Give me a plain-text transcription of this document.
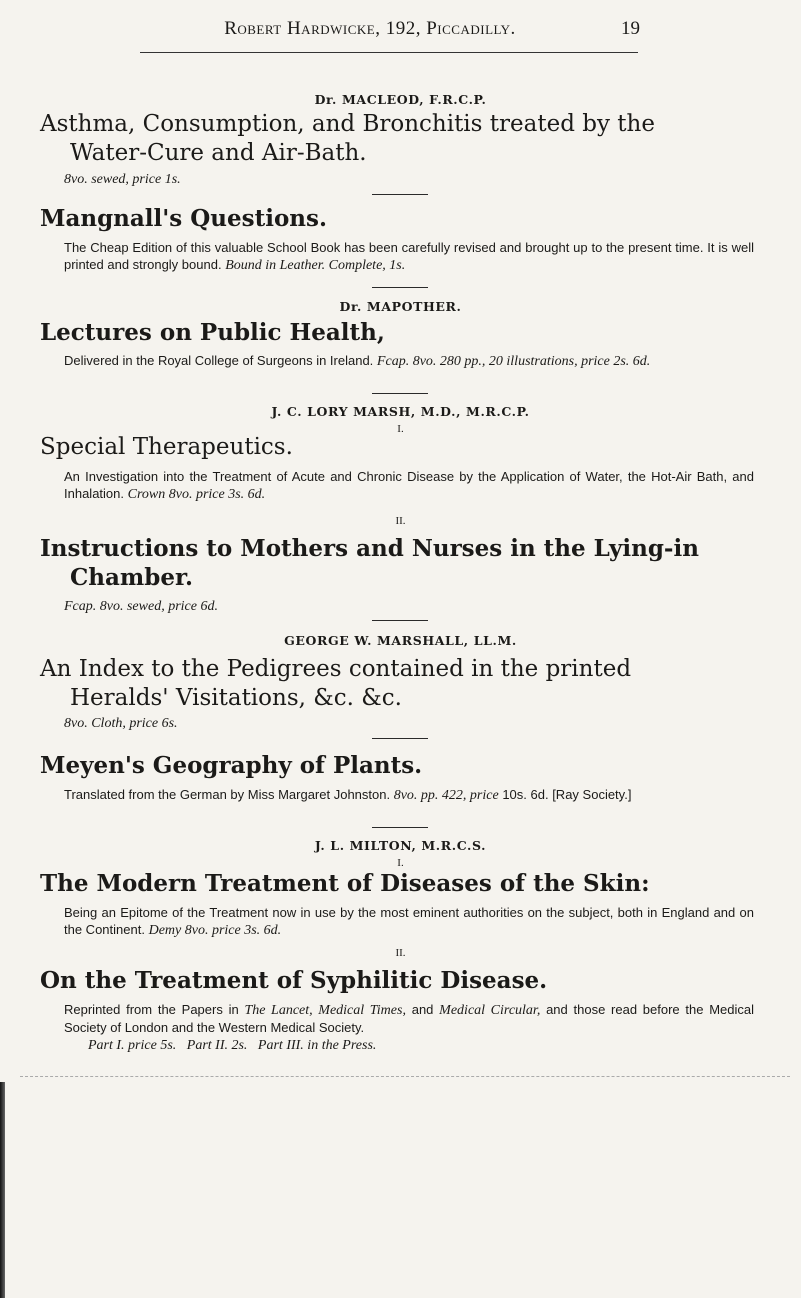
Robert Hardwicke, 192, Piccadilly.	19
Dr. MACLEOD, F.R.C.P.
Asthma, Consumption, and Bronchitis treated by the
Water-Cure and Air-Bath.
8vo. sewed, price 1s.
Mangnall's Questions.
The Cheap Edition of this valuable School Book has been carefully revised and brought up to the present time. It is well printed and strongly bound. Bound in Leather. Complete, 1s.
Dr. MAPOTHER.
Lectures on Public Health,
Delivered in the Royal College of Surgeons in Ireland. Fcap. 8vo. 280 pp., 20 illustrations, price 2s. 6d.
J. C. LORY MARSH, M.D., M.R.C.P.
I.
Special Therapeutics.
An Investigation into the Treatment of Acute and Chronic Disease by the Application of Water, the Hot-Air Bath, and Inhalation. Crown 8vo. price 3s. 6d.
II.
Instructions to Mothers and Nurses in the Lying-in
Chamber.
Fcap. 8vo. sewed, price 6d.
GEORGE W. MARSHALL, LL.M.
An Index to the Pedigrees contained in the printed
Heralds' Visitations, &c. &c.
8vo. Cloth, price 6s.
Meyen's Geography of Plants.
Translated from the German by Miss Margaret Johnston. 8vo. pp. 422, price 10s. 6d. [Ray Society.]
J. L. MILTON, M.R.C.S.
I.
The Modern Treatment of Diseases of the Skin:
Being an Epitome of the Treatment now in use by the most eminent authorities on the subject, both in England and on the Continent. Demy 8vo. price 3s. 6d.
II.
On the Treatment of Syphilitic Disease.
Reprinted from the Papers in The Lancet, Medical Times, and Medical Circular, and those read before the Medical Society of London and the Western Medical Society.
Part I. price 5s.   Part II. 2s.   Part III. in the Press.
